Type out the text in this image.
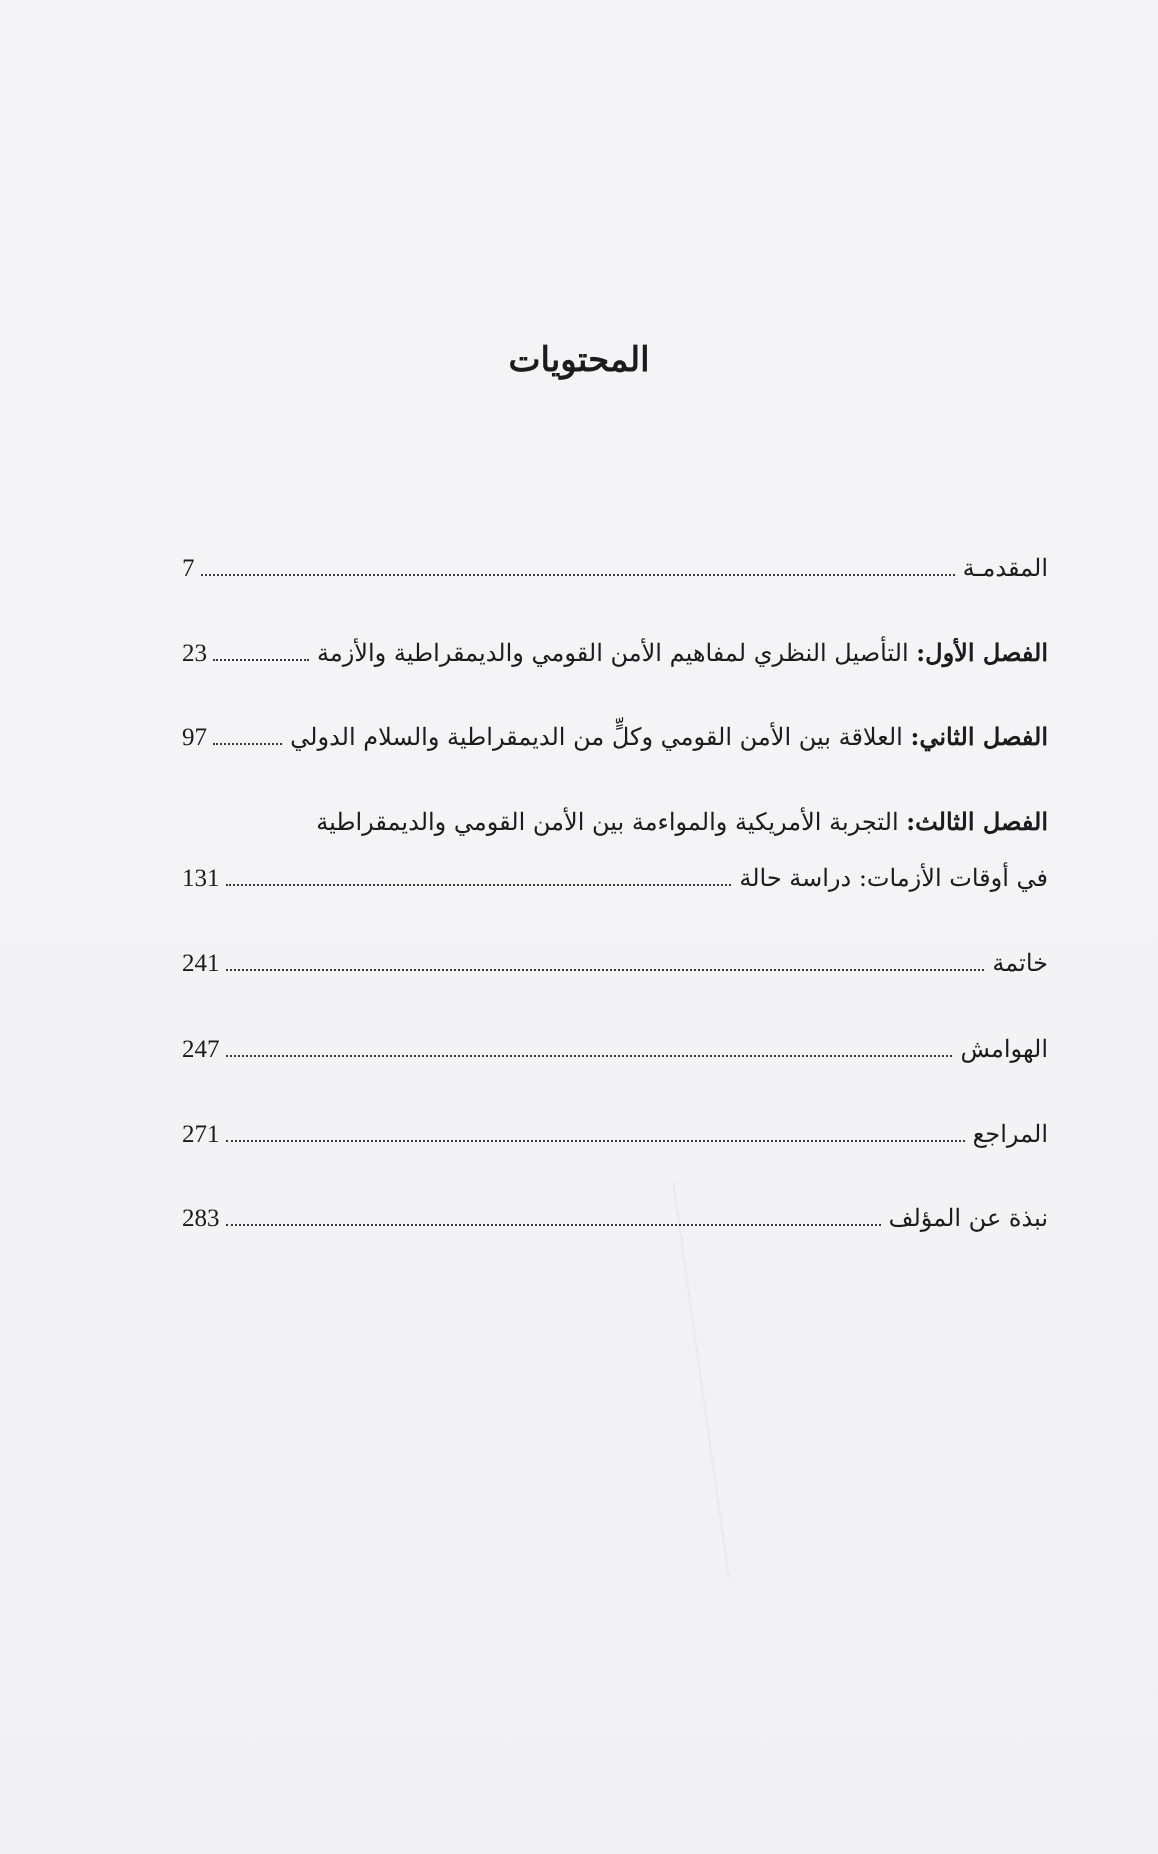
المحتويات
7	المقدمـة
23	الفصل الأول: التأصيل النظري لمفاهيم الأمن القومي والديمقراطية والأزمة
97	الفصل الثاني: العلاقة بين الأمن القومي وكلٍّ من الديمقراطية والسلام الدولي
الفصل الثالث: التجربة الأمريكية والمواءمة بين الأمن القومي والديمقراطية
131	في أوقات الأزمات: دراسة حالة
241	خاتمة
247	الهوامش
271	المراجع
283	نبذة عن المؤلف
